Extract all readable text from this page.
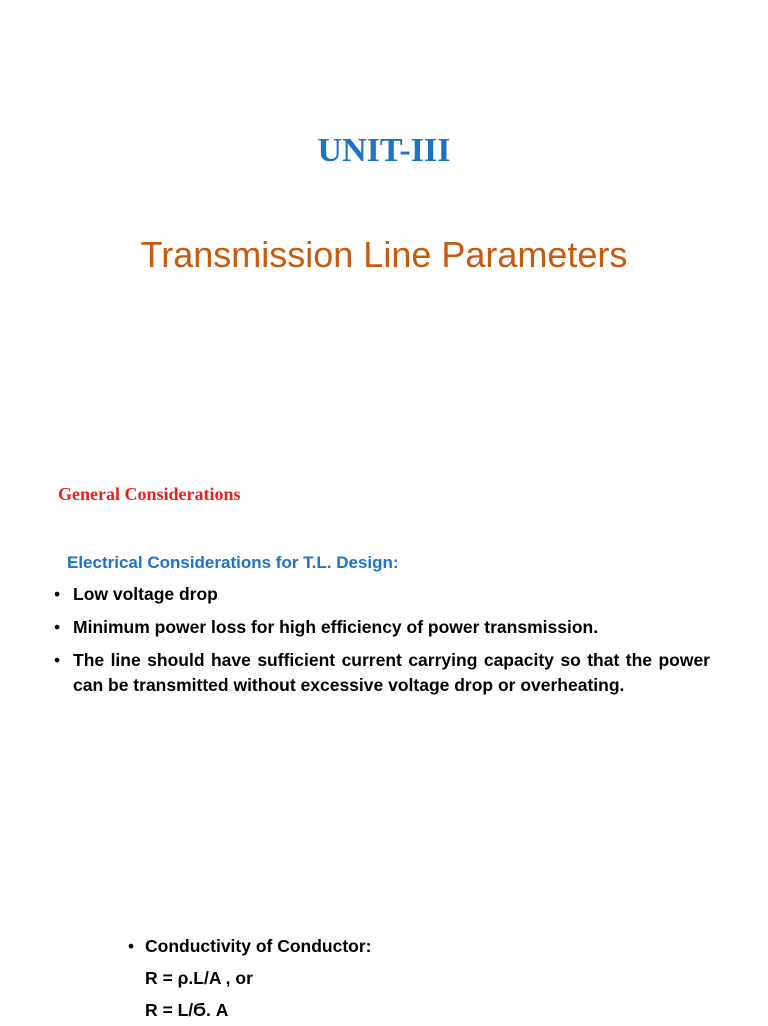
UNIT-III
Transmission Line Parameters
General Considerations
Electrical Considerations for T.L. Design:
• Low voltage drop
• Minimum power loss for high efficiency of power transmission.
• The line should have sufficient current carrying capacity so that the power can be transmitted without excessive voltage drop or overheating.
• Conductivity of Conductor:
R = ρ.L/A , or
R = L/Ϭ. A
